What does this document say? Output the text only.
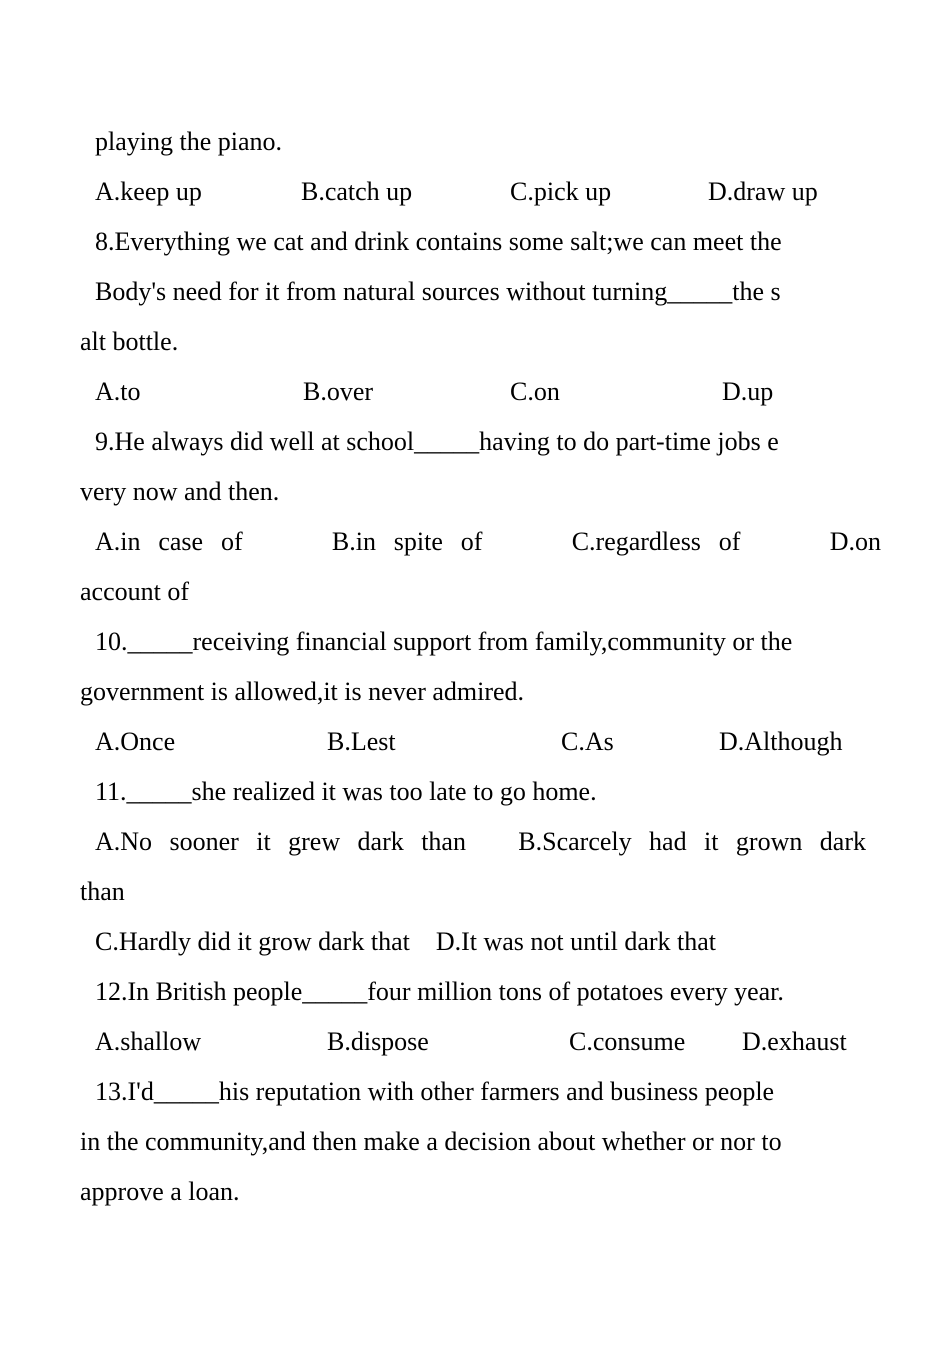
playing the piano.

A.keep up

	B.catch up

	C.pick up

	D.draw up

8.Everything we cat and drink contains some salt;we can meet the
Body's need for it from natural sources without turning_____the s
alt bottle.

A.to

	B.over

	C.on

	D.up

9.He always did well at school_____having to do part-time jobs e
very now and then.
A.in case of     B.in spite of     C.regardless of     D.on
account of
10._____receiving financial support from family,community or the
government is allowed,it is never admired.

A.Once

	B.Lest

	C.As

	D.Although

11._____she realized it was too late to go home.
A.No sooner it grew dark than   B.Scarcely had it grown dark
than
C.Hardly did it grow dark that    D.It was not until dark that
12.In British people_____four million tons of potatoes every year.

A.shallow

	B.dispose

	C.consume

D.exhaust

13.I'd_____his reputation with other farmers and business people
in the community,and then make a decision about whether or nor to
approve a loan.
